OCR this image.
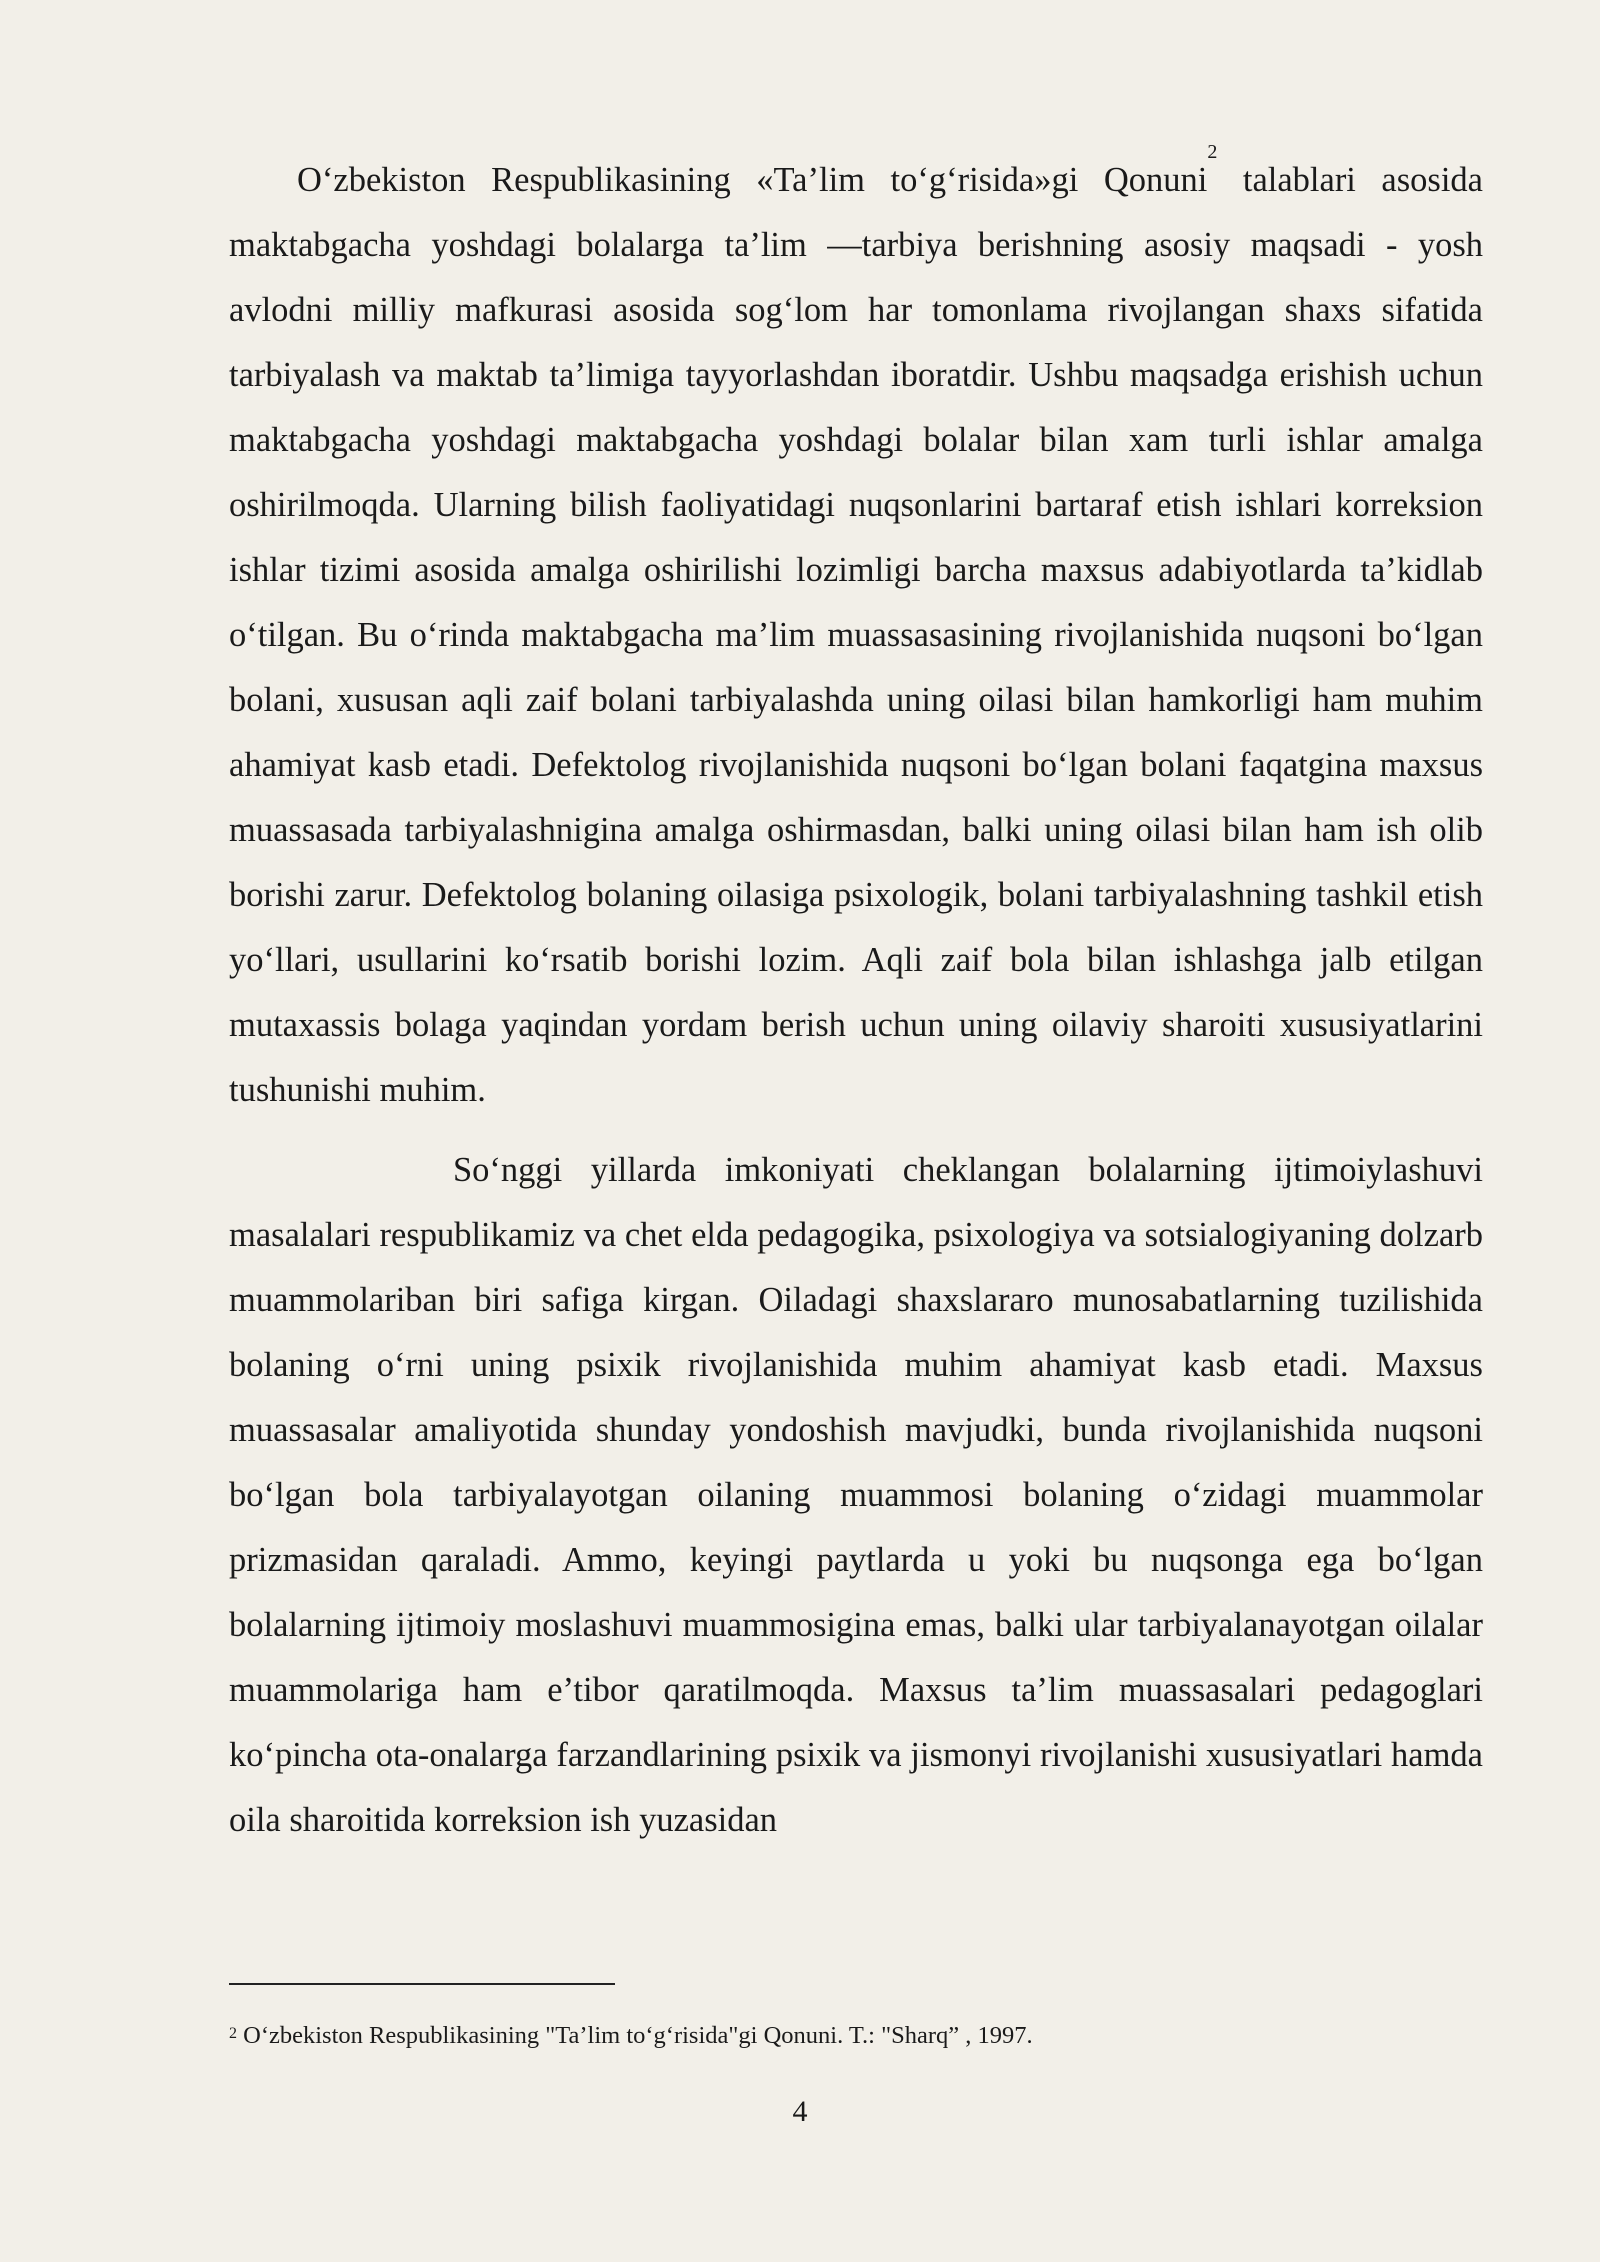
O‘zbekiston Respublikasining «Ta’lim to‘g‘risida»gi Qonuni$^2$ talablari asosida maktabgacha yoshdagi bolalarga ta’lim —tarbiya berishning asosiy maqsadi - yosh avlodni milliy mafkurasi asosida sog‘lom har tomonlama rivojlangan shaxs sifatida tarbiyalash va maktab ta’limiga tayyorlashdan iboratdir. Ushbu maqsadga erishish uchun maktabgacha yoshdagi maktabgacha yoshdagi bolalar bilan xam turli ishlar amalga oshirilmoqda. Ularning bilish faoliyatidagi nuqsonlarini bartaraf etish ishlari korreksion ishlar tizimi asosida amalga oshirilishi lozimligi barcha maxsus adabiyotlarda ta’kidlab o‘tilgan. Bu o‘rinda maktabgacha ma’lim muassasasining rivojlanishida nuqsoni bo‘lgan bolani, xususan aqli zaif bolani tarbiyalashda uning oilasi bilan hamkorligi ham muhim ahamiyat kasb etadi. Defektolog rivojlanishida nuqsoni bo‘lgan bolani faqatgina maxsus muassasada tarbiyalashnigina amalga oshirmasdan, balki uning oilasi bilan ham ish olib borishi zarur. Defektolog bolaning oilasiga psixologik, bolani tarbiyalashning tashkil etish yo‘llari, usullarini ko‘rsatib borishi lozim. Aqli zaif bola bilan ishlashga jalb etilgan mutaxassis bolaga yaqindan yordam berish uchun uning oilaviy sharoiti xususiyatlarini tushunishi muhim.

So‘nggi yillarda imkoniyati cheklangan bolalarning ijtimoiylashuvi masalalari respublikamiz va chet elda pedagogika, psixologiya va sotsialogiyaning dolzarb muammolariban biri safiga kirgan. Oiladagi shaxslararo munosabatlarning tuzilishida bolaning o‘rni uning psixik rivojlanishida muhim ahamiyat kasb etadi. Maxsus muassasalar amaliyotida shunday yondoshish mavjudki, bunda rivojlanishida nuqsoni bo‘lgan bola tarbiyalayotgan oilaning muammosi bolaning o‘zidagi muammolar prizmasidan qaraladi. Ammo, keyingi paytlarda u yoki bu nuqsonga ega bo‘lgan bolalarning ijtimoiy moslashuvi muammosigina emas, balki ular tarbiyalanayotgan oilalar muammolariga ham e’tibor qaratilmoqda. Maxsus ta’lim muassasalari pedagoglari ko‘pincha ota-onalarga farzandlarining psixik va jismonyi rivojlanishi xususiyatlari hamda oila sharoitida korreksion ish yuzasidan

$^2$ O‘zbekiston Respublikasining "Ta’lim to‘g‘risida"gi Qonuni. T.: "Sharq” , 1997.
4
